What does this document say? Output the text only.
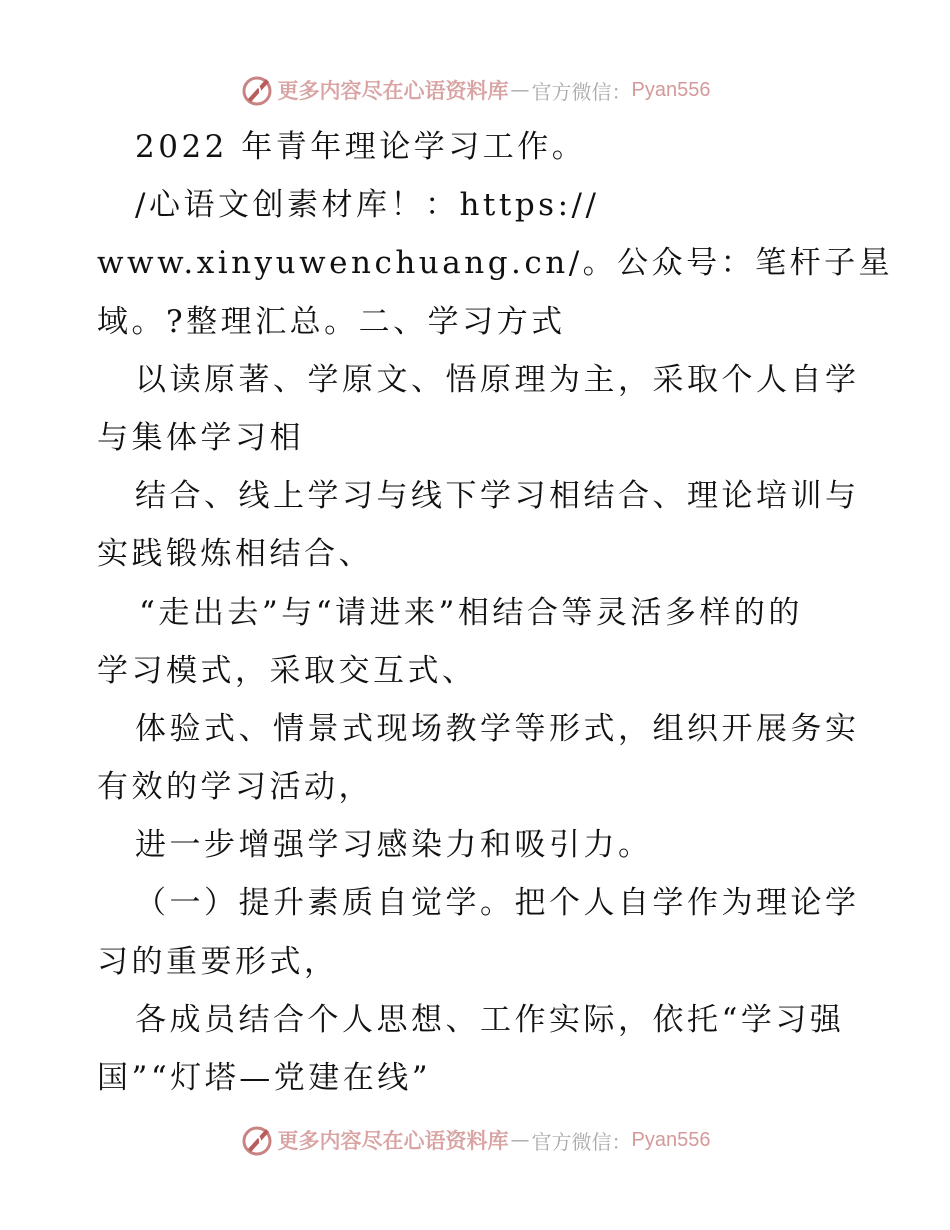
更多内容尽在心语资料库 — 官方微信： Pyan556
2022 年青年理论学习工作。
/心语文创素材库！：https://
www.xinyuwenchuang.cn/。公众号：笔杆子星
域。?整理汇总。二、学习方式
以读原著、学原文、悟原理为主，采取个人自学
与集体学习相
结合、线上学习与线下学习相结合、理论培训与
实践锻炼相结合、
“走出去”与“请进来”相结合等灵活多样的的
学习模式，采取交互式、
体验式、情景式现场教学等形式，组织开展务实
有效的学习活动，
进一步增强学习感染力和吸引力。
（一）提升素质自觉学。把个人自学作为理论学
习的重要形式，
各成员结合个人思想、工作实际，依托“学习强
国”“灯塔—党建在线”
更多内容尽在心语资料库 — 官方微信： Pyan556
